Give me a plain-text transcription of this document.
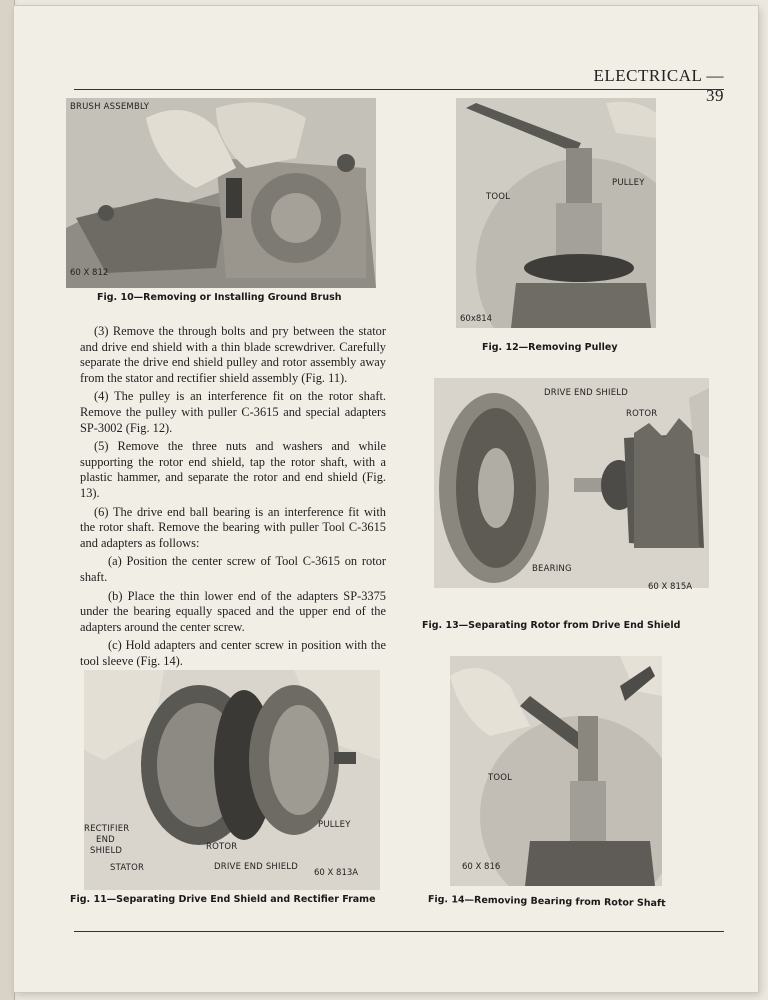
ELECTRICAL — 39
BRUSH ASSEMBLY
60 X 812
Fig. 10—Removing or Installing Ground Brush
TOOL
PULLEY
60x814
Fig. 12—Removing Pulley
DRIVE END SHIELD
ROTOR
BEARING
60 X 815A
Fig. 13—Separating Rotor from Drive End Shield
RECTIFIER
END
SHIELD
STATOR
ROTOR
DRIVE END SHIELD
PULLEY
60 X 813A
Fig. 11—Separating Drive End Shield and Rectifier Frame
TOOL
60 X 816
Fig. 14—Removing Bearing from Rotor Shaft

(3) Remove the through bolts and pry between the stator and drive end shield with a thin blade screwdriver. Carefully separate the drive end shield pulley and rotor assembly away from the stator and rectifier shield assembly (Fig. 11).

(4) The pulley is an interference fit on the rotor shaft. Remove the pulley with puller C-3615 and special adapters SP-3002 (Fig. 12).

(5) Remove the three nuts and washers and while supporting the rotor end shield, tap the rotor shaft, with a plastic hammer, and separate the rotor and end shield (Fig. 13).

(6) The drive end ball bearing is an interference fit with the rotor shaft. Remove the bearing with puller Tool C-3615 and adapters as follows:

(a) Position the center screw of Tool C-3615 on rotor shaft.

(b) Place the thin lower end of the adapters SP-3375 under the bearing equally spaced and the upper end of the adapters around the center screw.

(c) Hold adapters and center screw in position with the tool sleeve (Fig. 14).
